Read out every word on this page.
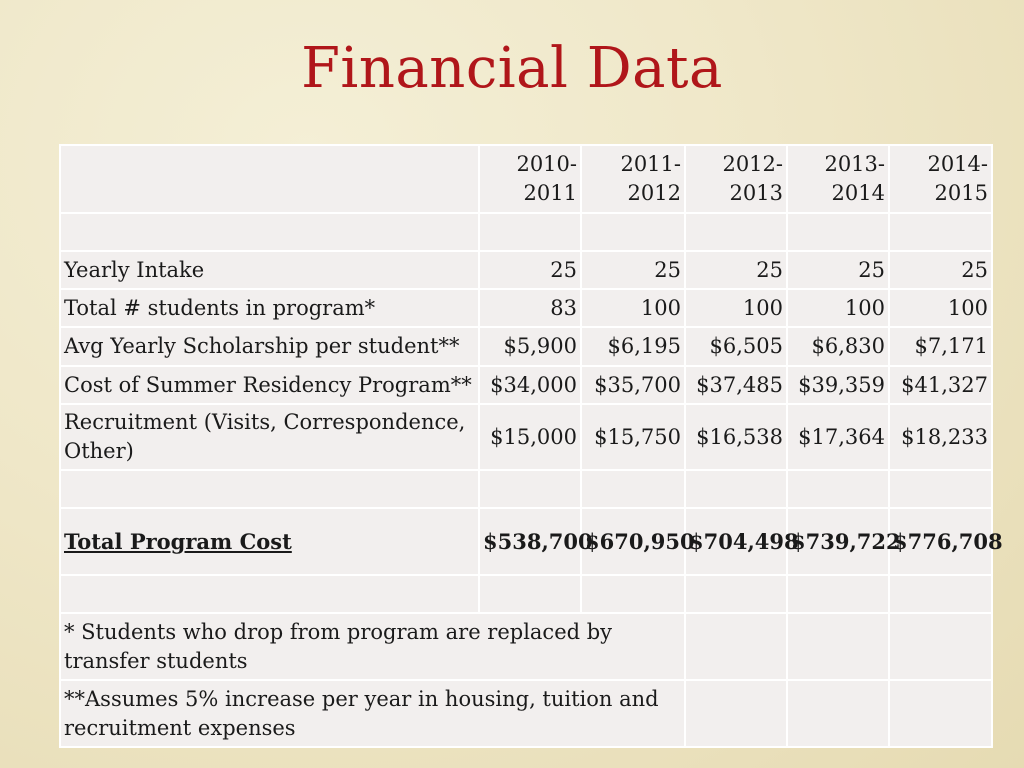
Financial Data
	2010-2011	2011-2012	2012-2013	2013-2014	2014-2015

Yearly Intake	25	25	25	25	25
Total # students in program*	83	100	100	100	100
Avg Yearly Scholarship per student**	$5,900	$6,195	$6,505	$6,830	$7,171
Cost of Summer Residency Program**	$34,000	$35,700	$37,485	$39,359	$41,327
Recruitment (Visits, Correspondence, Other)	$15,000	$15,750	$16,538	$17,364	$18,233

Total Program Cost	$538,700	$670,950	$704,498	$739,722	$776,708

* Students who drop from program are replaced by transfer students					
**Assumes 5% increase per year in housing, tuition and recruitment expenses					
